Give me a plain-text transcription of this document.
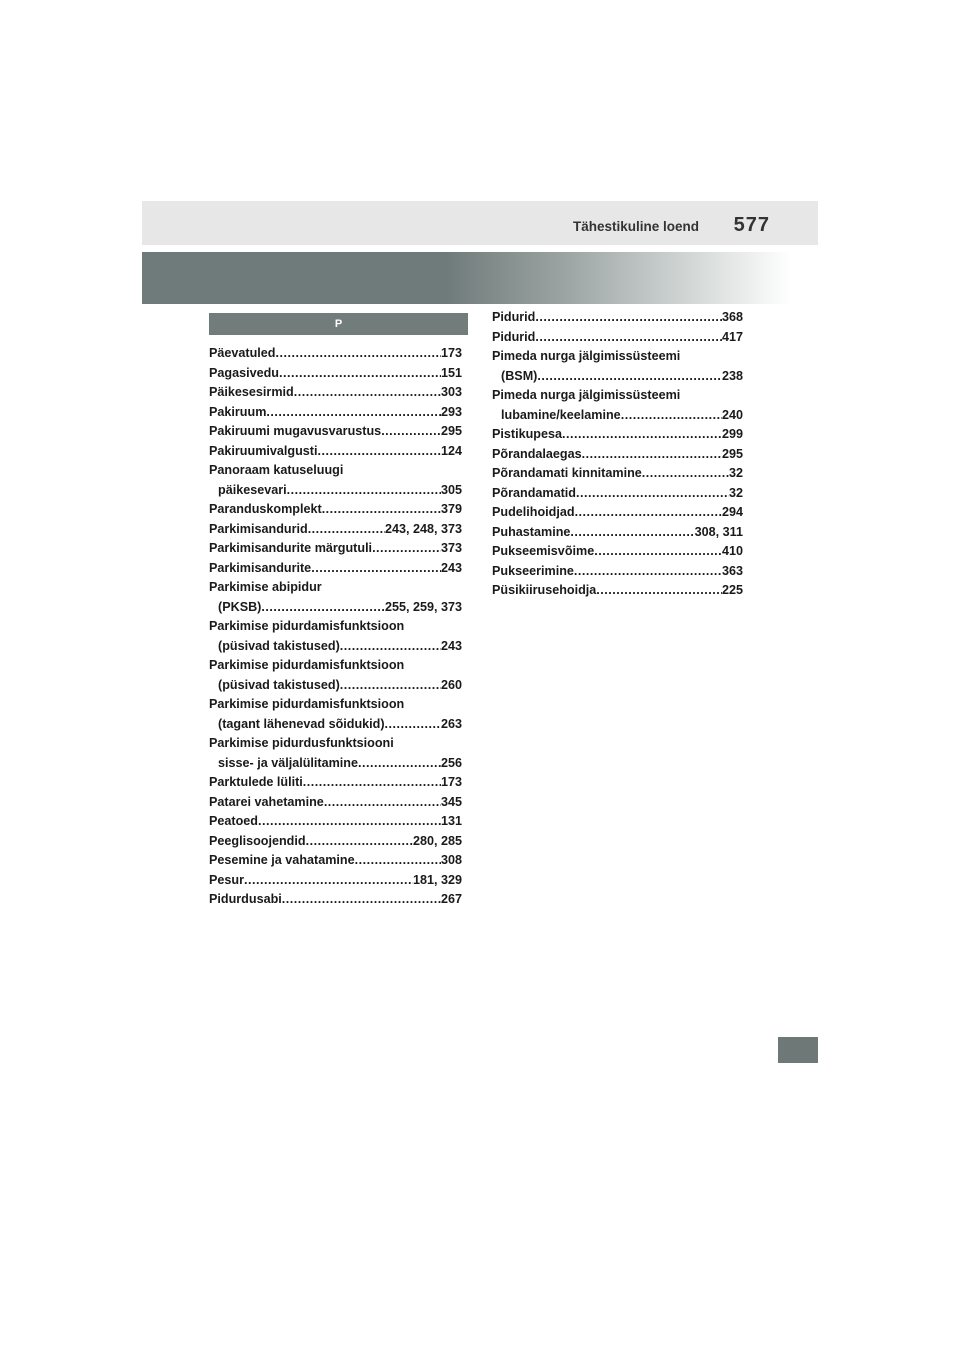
Tähestikuline loend 577
P
Päevatuled .....	173
Pagasivedu .....	151
Päikesesirmid .....	303
Pakiruum .....	293
Pakiruumi mugavusvarustus .....	295
Pakiruumivalgusti .....	124
Panoraam katuseluugi
päikesevari .....	305
Paranduskomplekt .....	379
Parkimisandurid .....	243, 248, 373
Parkimisandurite märgutuli .....	373
Parkimisandurite .....	243
Parkimise abipidur
(PKSB) .....	255, 259, 373
Parkimise pidurdamisfunktsioon
(püsivad takistused) .....	243
Parkimise pidurdamisfunktsioon
(püsivad takistused) .....	260
Parkimise pidurdamisfunktsioon
(tagant lähenevad sõidukid) .....	263
Parkimise pidurdusfunktsiooni
sisse- ja väljalülitamine .....	256
Parktulede lüliti .....	173
Patarei vahetamine .....	345
Peatoed .....	131
Peeglisoojendid .....	280, 285
Pesemine ja vahatamine .....	308
Pesur .....	181, 329
Pidurdusabi .....	267
Pidurid .....	368
Pidurid .....	417
Pimeda nurga jälgimissüsteemi
(BSM) .....	238
Pimeda nurga jälgimissüsteemi
lubamine/keelamine .....	240
Pistikupesa .....	299
Põrandalaegas .....	295
Põrandamati kinnitamine .....	32
Põrandamatid .....	32
Pudelihoidjad .....	294
Puhastamine .....	308, 311
Pukseemisvõime .....	410
Pukseerimine .....	363
Püsikiirusehoidja .....	225
